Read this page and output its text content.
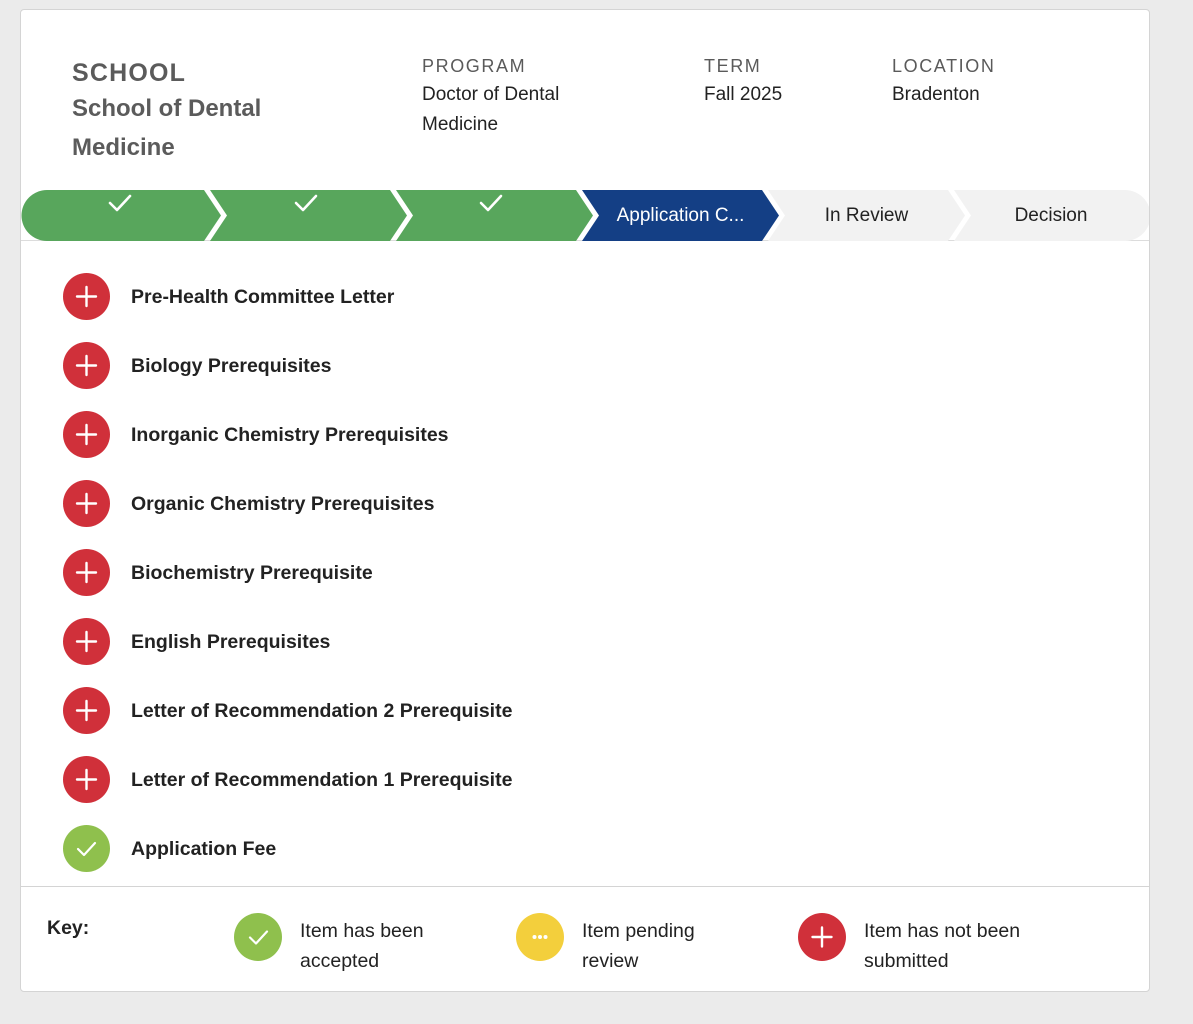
SCHOOL
School of Dental Medicine
PROGRAM
Doctor of Dental Medicine
TERM
Fall 2025
LOCATION
Bradenton
Application C...	In Review	Decision
Pre-Health Committee Letter
Biology Prerequisites
Inorganic Chemistry Prerequisites
Organic Chemistry Prerequisites
Biochemistry Prerequisite
English Prerequisites
Letter of Recommendation 2 Prerequisite
Letter of Recommendation 1 Prerequisite
Application Fee
Key:	Item has been accepted
Item pending review
Item has not been submitted
